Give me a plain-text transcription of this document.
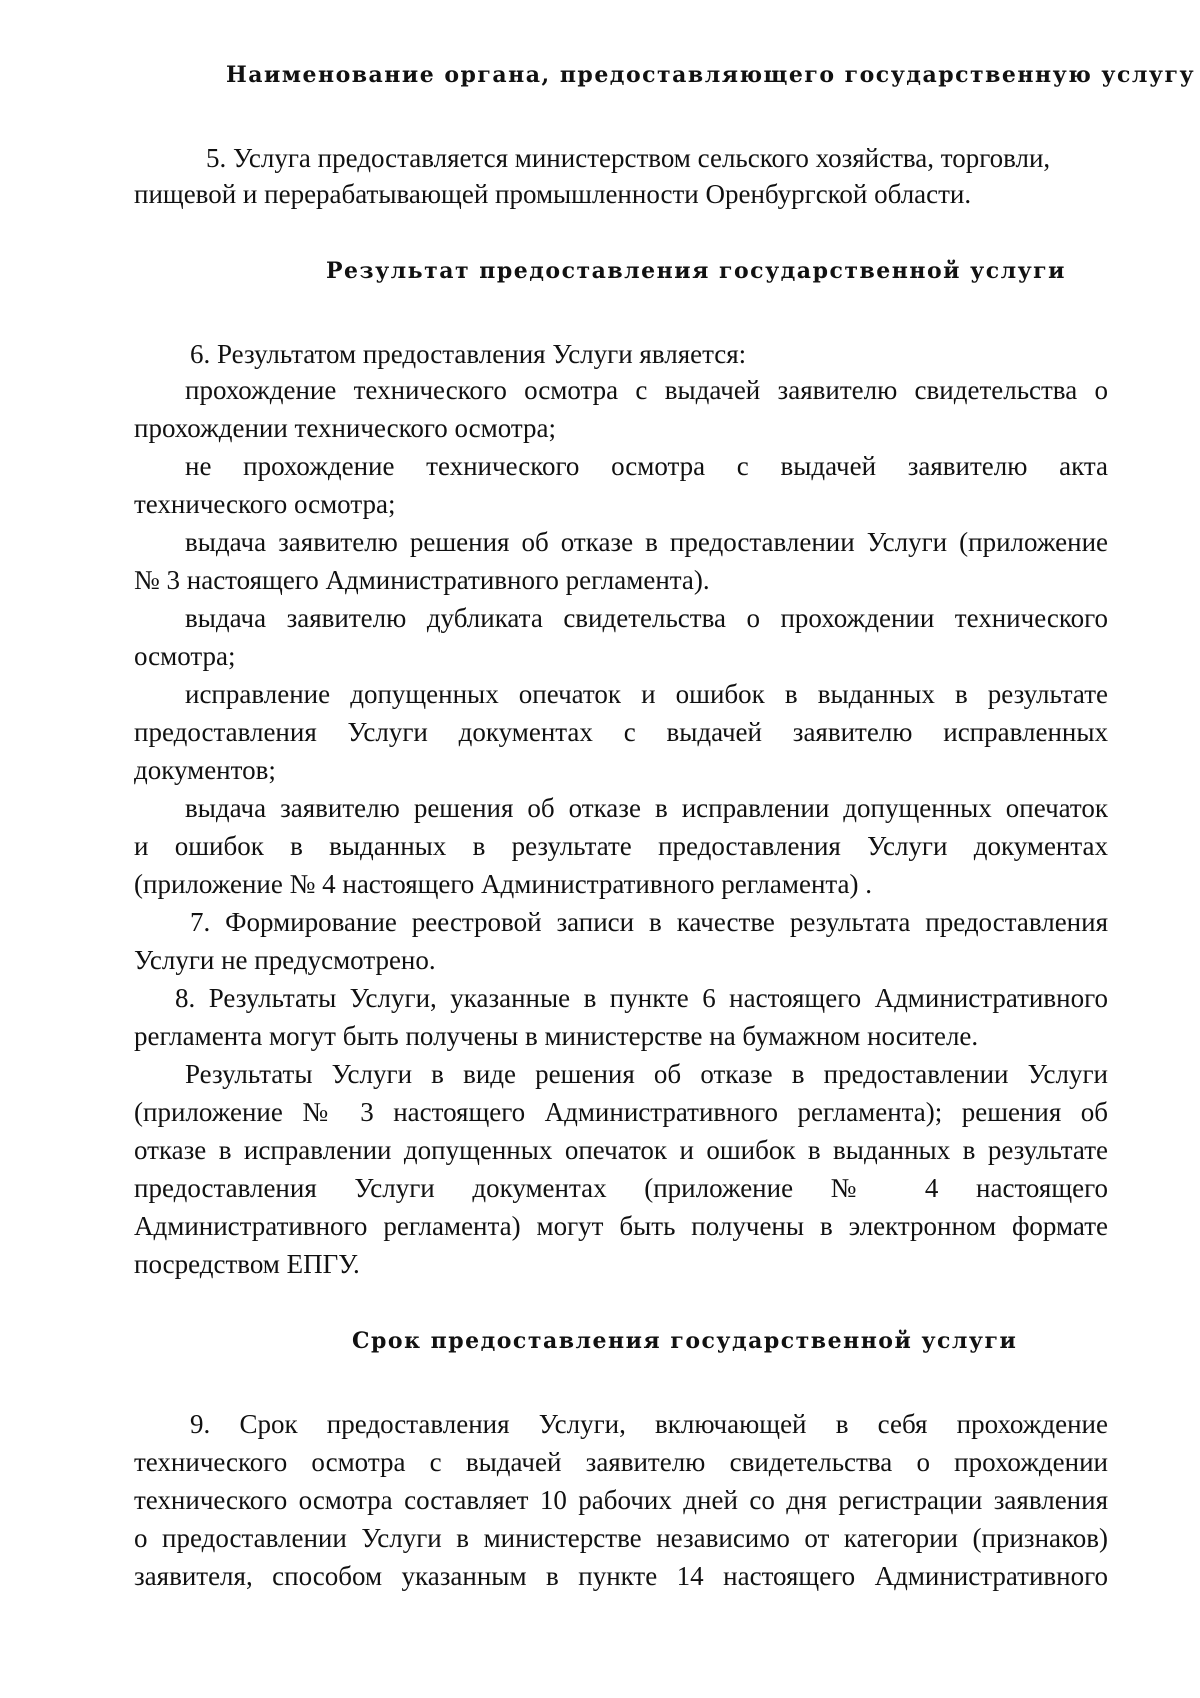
Наименование органа, предоставляющего государственную услугу
5. Услуга предоставляется министерством сельского хозяйства, торговли,
пищевой и перерабатывающей промышленности Оренбургской области.
Результат предоставления государственной услуги
6. Результатом предоставления Услуги является:
прохождение технического осмотра с выдачей заявителю свидетельства о
прохождении технического осмотра;
не прохождение технического осмотра с выдачей заявителю акта
технического осмотра;
выдача заявителю решения об отказе в предоставлении Услуги (приложение
№ 3 настоящего Административного регламента).
выдача заявителю дубликата свидетельства о прохождении технического
осмотра;
исправление допущенных опечаток и ошибок в выданных в результате
предоставления Услуги документах с выдачей заявителю исправленных
документов;
выдача заявителю решения об отказе в исправлении допущенных опечаток
и ошибок в выданных в результате предоставления Услуги документах
(приложение № 4 настоящего Административного регламента) .
7. Формирование реестровой записи в качестве результата предоставления
Услуги не предусмотрено.
8. Результаты Услуги, указанные в пункте 6 настоящего Административного
регламента могут быть получены в министерстве на бумажном носителе.
Результаты Услуги в виде решения об отказе в предоставлении Услуги
(приложение № 3 настоящего Административного регламента); решения об
отказе в исправлении допущенных опечаток и ошибок в выданных в результате
предоставления Услуги документах (приложение № 4 настоящего
Административного регламента) могут быть получены в электронном формате
посредством ЕПГУ.
Срок предоставления государственной услуги
9. Срок предоставления Услуги, включающей в себя прохождение
технического осмотра с выдачей заявителю свидетельства о прохождении
технического осмотра составляет 10 рабочих дней со дня регистрации заявления
о предоставлении Услуги в министерстве независимо от категории (признаков)
заявителя, способом указанным в пункте 14 настоящего Административного
